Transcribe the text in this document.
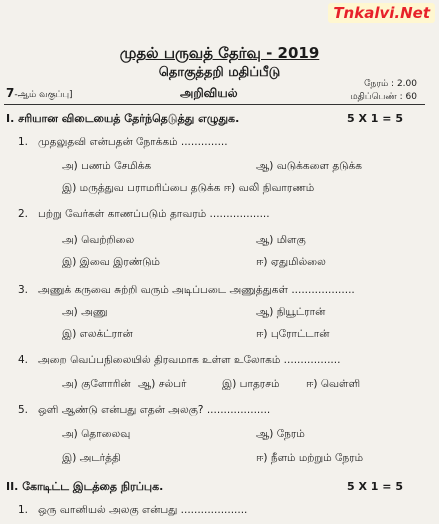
Tnkalvi.Net
முதல் பருவத் தேர்வு - 2019
தொகுத்தறி மதிப்பீடு
7-ஆம் வகுப்பு]	அறிவியல்
நேரம் : 2.00
மதிப்பெண் : 60
I. சரியான விடையைத் தேர்ந்தெடுத்து எழுதுக.	5 X 1 = 5
1. முதலுதவி என்பதன் நோக்கம் ..............
அ) பணம் சேமிக்க	ஆ) வடுக்களை தடுக்க
இ) மருத்துவ பராமரிப்பை தடுக்க ஈ) வலி நிவாரணம்
2. பற்று வேர்கள் காணப்படும் தாவரம் ..................
அ) வெற்றிலை	ஆ) மிளகு
இ) இவை இரண்டும்	ஈ) ஏதுமில்லை
3. அணுக் கருவை சுற்றி வரும் அடிப்படை அணுத்துகள் ...................
அ) அணு	ஆ) நியூட்ரான்
இ) எலக்ட்ரான்	ஈ) புரோட்டான்
4. அறை வெப்பநிலையில் திரவமாக உள்ள உலோகம் .................
அ) குளோரின் ஆ) சல்பர்	இ) பாதரசம்	ஈ) வெள்ளி
5. ஒளி ஆண்டு என்பது எதன் அலகு? ...................
அ) தொலைவு	ஆ) நேரம்
இ) அடர்த்தி	ஈ) நீளம் மற்றும் நேரம்
II. கோடிட்ட இடத்தை நிரப்புக.	5 X 1 = 5
1. ஒரு வானியல் அலகு என்பது ....................
